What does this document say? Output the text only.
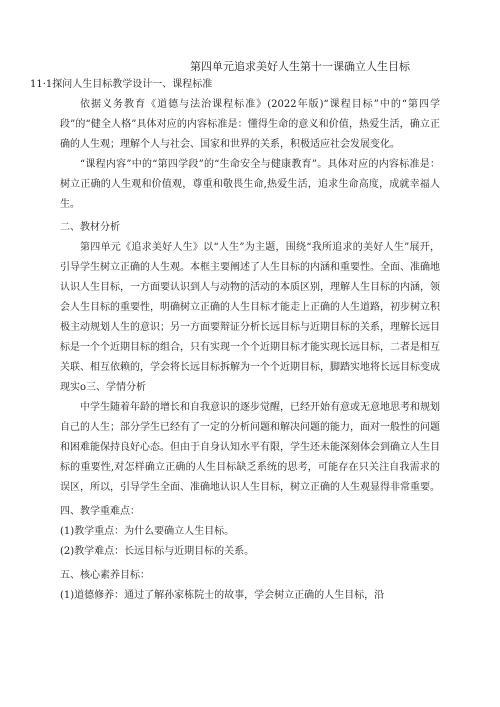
第四单元追求美好人生第十一课确立人生目标

11·1探问人生目标教学设计一、课程标准

依据义务教育《道德与法治课程标准》(2022年版)“课程目标”中的“第四学段”的“健全人格”具体对应的内容标准是：懂得生命的意义和价值，热爱生活，确立正确的人生观；理解个人与社会、国家和世界的关系，积极适应社会发展变化。

“课程内容”中的“第四学段”的“生命安全与健康教育”。具体对应的内容标准是：树立正确的人生观和价值观，尊重和敬畏生命,热爱生活，追求生命高度，成就幸福人生。

二、教材分析

第四单元《追求美好人生》以“人生”为主题，围绕“我所追求的美好人生”展开，引导学生树立正确的人生观。本框主要阐述了人生目标的内涵和重要性。全面、准确地认识人生目标，一方面要认识到人与动物的活动的本质区别，理解人生目标的内涵，领会人生目标的重要性，明确树立正确的人生目标才能走上正确的人生道路，初步树立积极主动规划人生的意识；另一方面要辩证分析长远目标与近期目标的关系，理解长远目标是一个个近期目标的组合，只有实现一个个近期目标才能实现长远目标，二者是相互关联、相互依赖的，学会将长远目标拆解为一个个近期目标，脚踏实地将长远目标变成现实o三、学情分析

中学生随着年龄的增长和自我意识的逐步觉醒，已经开始有意或无意地思考和规划自己的人生；部分学生已经有了一定的分析问题和解决问题的能力，面对一般性的问题和困难能保持良好心态。但由于自身认知水平有限，学生还未能深刻体会到确立人生目标的重要性,对怎样确立正确的人生目标缺乏系统的思考，可能存在只关注自我需求的误区，所以，引导学生全面、准确地认识人生目标，树立正确的人生观显得非常重要。

四、教学重难点：

(1)教学重点：为什么要确立人生目标。

(2)教学难点：长远目标与近期目标的关系。

五、核心素养目标：

(1)道德修养：通过了解孙家栋院士的故事，学会树立正确的人生目标，沿
